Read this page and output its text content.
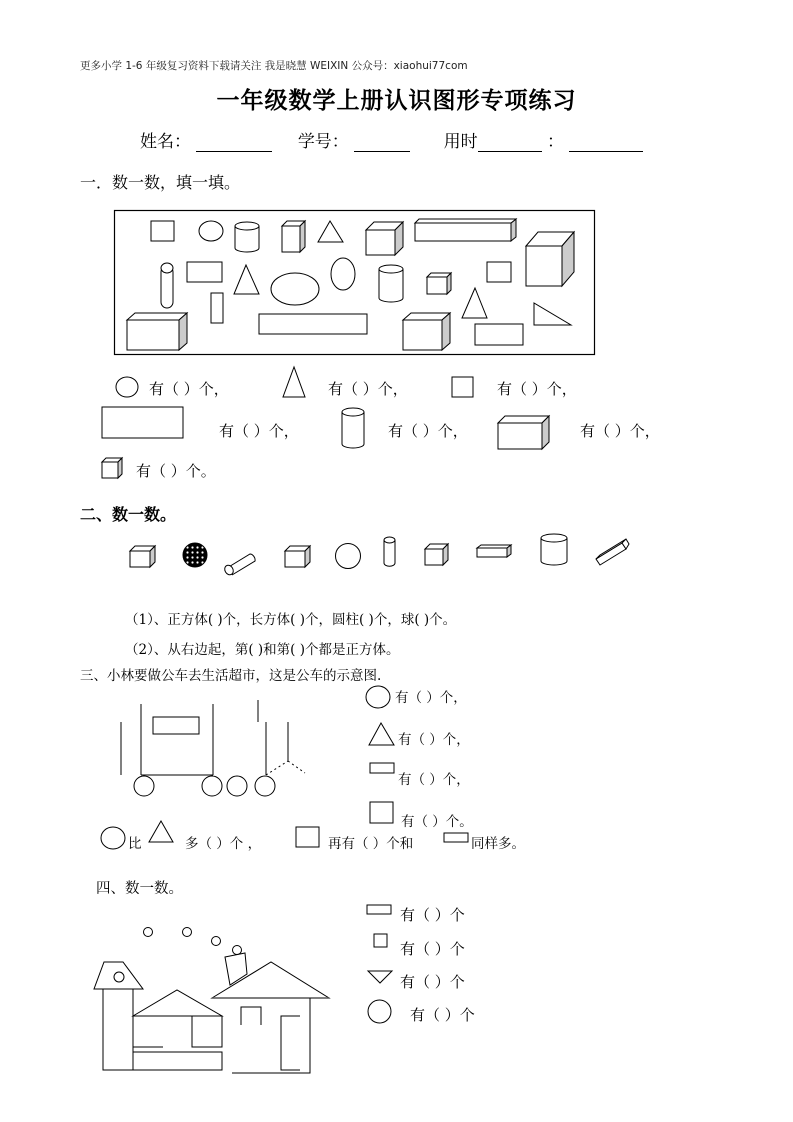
更多小学 1-6 年级复习资料下载请关注 我是晓慧 WEIXIN 公众号：xiaohui77com
一年级数学上册认识图形专项练习
姓名：	学号：	用时	：
一．数一数，填一填。
有（ ）个，	有（ ）个，	有（ ）个，
有（ ）个，	有（ ）个，	有（ ）个，
有（ ）个。
二、数一数。
（1）、正方体( )个，长方体( )个，圆柱( )个，球( )个。
（2）、从右边起，第( )和第( )个都是正方体。
三、小林要做公车去生活超市，这是公车的示意图.
有（ ）个，
有（ ）个，
有（ ）个，
有（ ）个。
比	多（ ）个 ，	再有（ ）个和	同样多。
四、数一数。
有（ ）个
有（ ）个
有（ ）个
有（ ）个
